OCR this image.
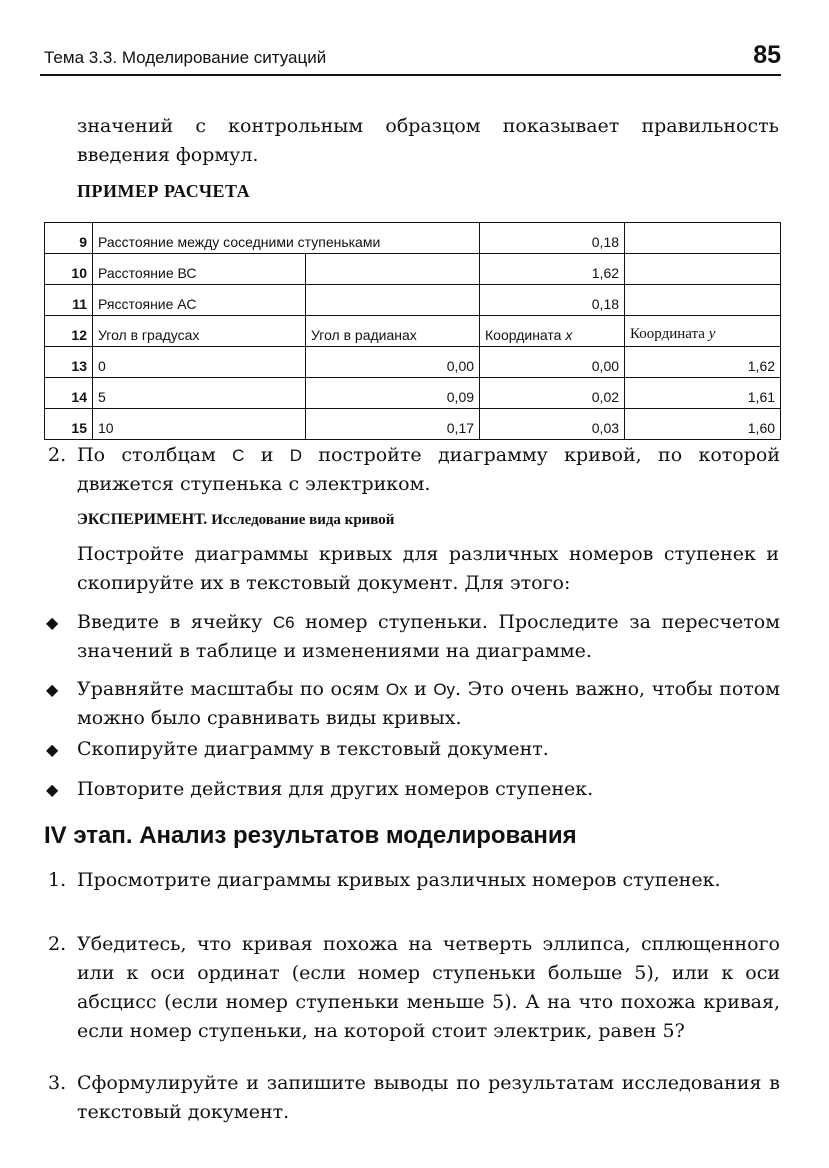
Тема 3.3. Моделирование ситуаций	85
значений с контрольным образцом показывает правильность введения формул.
ПРИМЕР РАСЧЕТА
9	Расстояние между соседними ступеньками		0,18	
10	Расстояние ВС		1,62	
11	Рясстояние АС		0,18	
12	Угол в градусах	Угол в радианах	Координата x	Координата y
13	0	0,00	0,00	1,62
14	5	0,09	0,02	1,61
15	10	0,17	0,03	1,60
2. По столбцам C и D постройте диаграмму кривой, по которой движется ступенька с электриком.
ЭКСПЕРИМЕНТ. Исследование вида кривой
Постройте диаграммы кривых для различных номеров ступенек и скопируйте их в текстовый документ. Для этого:
◆ Введите в ячейку C6 номер ступеньки. Проследите за пересчетом значений в таблице и изменениями на диаграмме.
◆ Уравняйте масштабы по осям Ox и Oy. Это очень важно, чтобы потом можно было сравнивать виды кривых.
◆ Скопируйте диаграмму в текстовый документ.
◆ Повторите действия для других номеров ступенек.
IV этап. Анализ результатов моделирования
1. Просмотрите диаграммы кривых различных номеров ступенек.
2. Убедитесь, что кривая похожа на четверть эллипса, сплющенного или к оси ординат (если номер ступеньки больше 5), или к оси абсцисс (если номер ступеньки меньше 5). А на что похожа кривая, если номер ступеньки, на которой стоит электрик, равен 5?
3. Сформулируйте и запишите выводы по результатам исследования в текстовый документ.
